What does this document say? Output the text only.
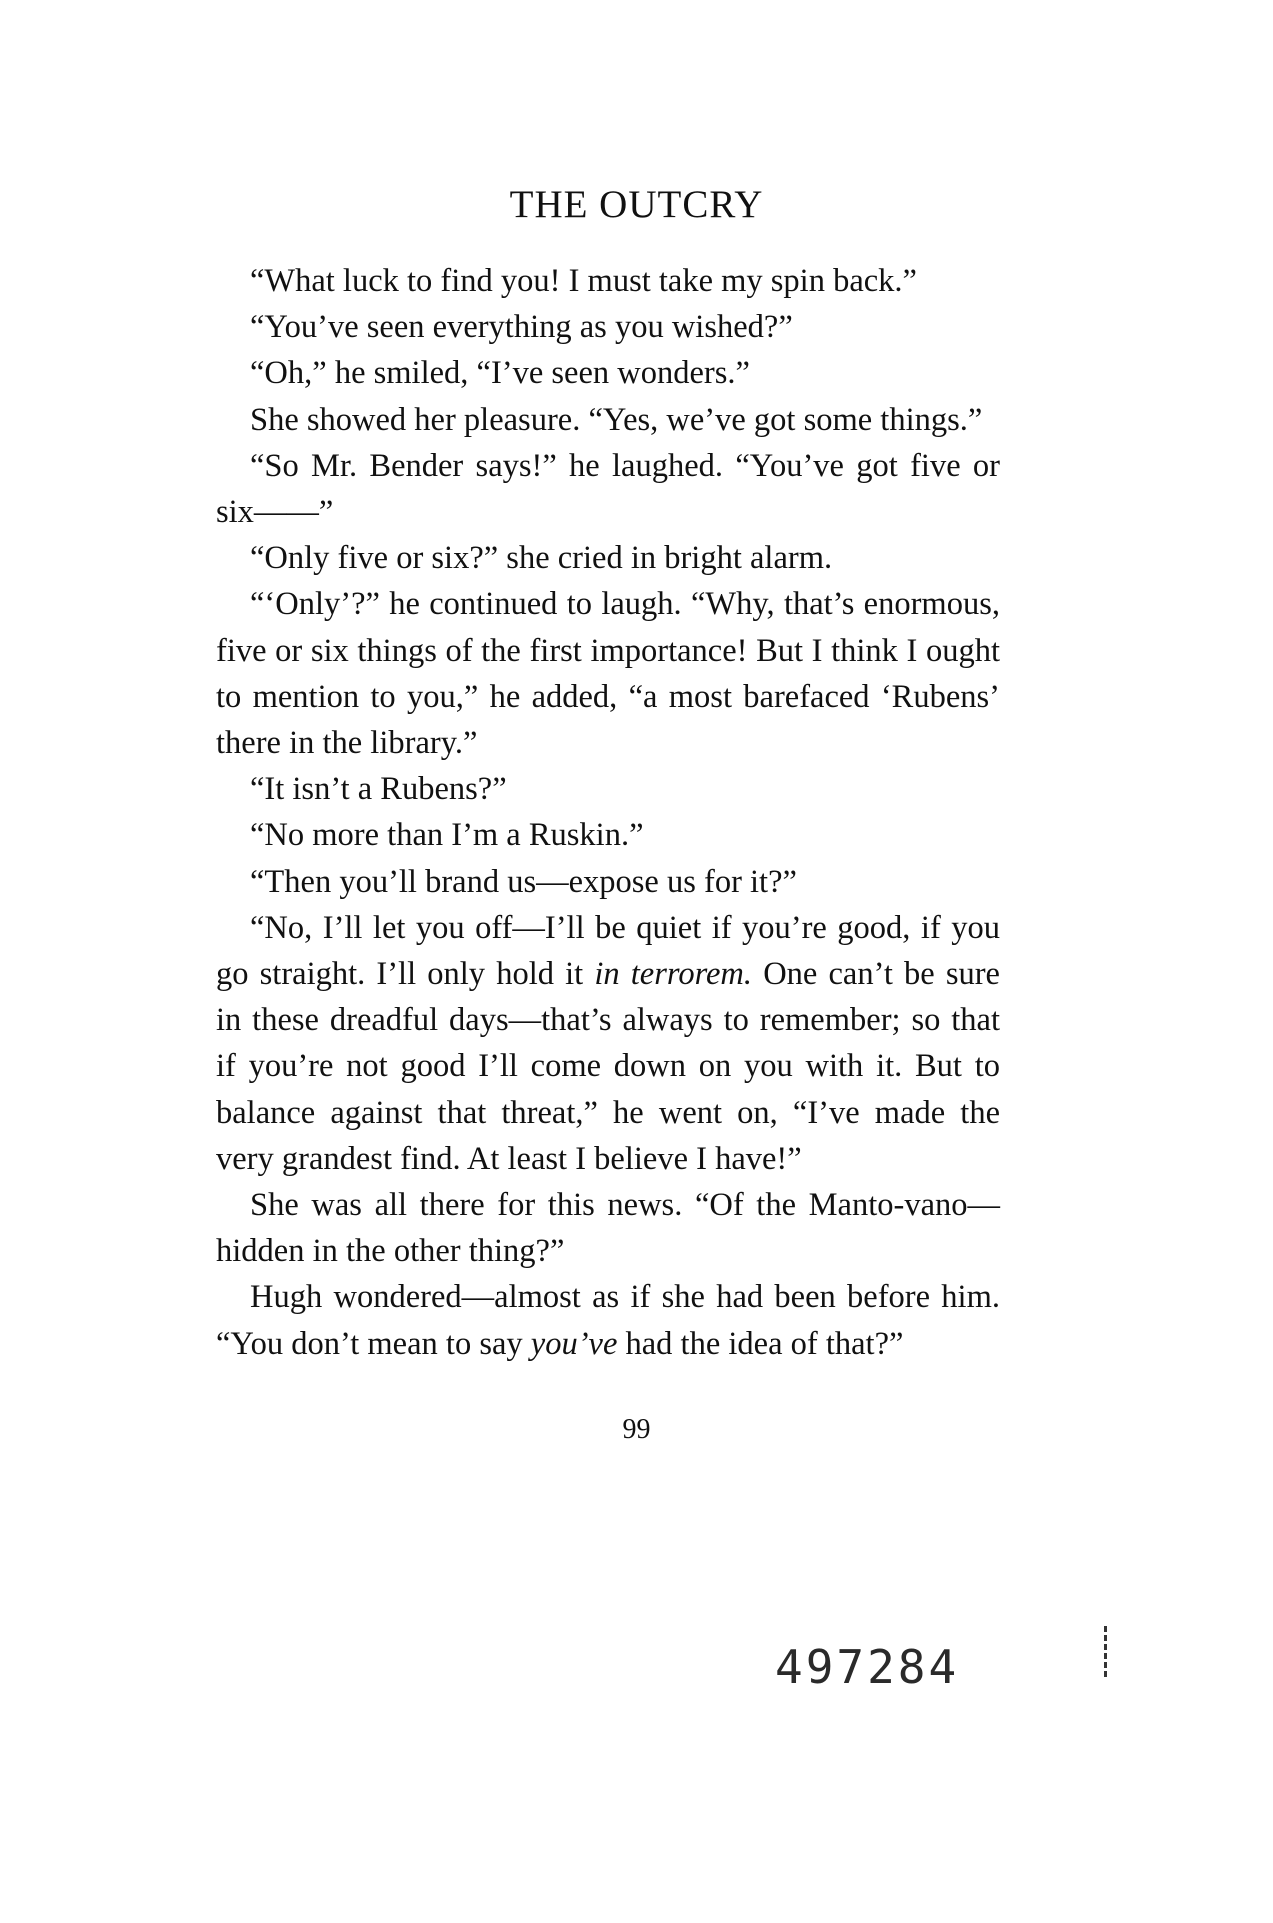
THE OUTCRY

“What luck to find you! I must take my spin back.”

“You’ve seen everything as you wished?”

“Oh,” he smiled, “I’ve seen wonders.”

She showed her pleasure. “Yes, we’ve got some things.”

“So Mr. Bender says!” he laughed. “You’ve got five or six——”

“Only five or six?” she cried in bright alarm.

“‘Only’?” he continued to laugh. “Why, that’s enormous, five or six things of the first importance! But I think I ought to mention to you,” he added, “a most barefaced ‘Rubens’ there in the library.”

“It isn’t a Rubens?”

“No more than I’m a Ruskin.”

“Then you’ll brand us—expose us for it?”

“No, I’ll let you off—I’ll be quiet if you’re good, if you go straight. I’ll only hold it in terrorem. One can’t be sure in these dreadful days—that’s always to remember; so that if you’re not good I’ll come down on you with it. But to balance against that threat,” he went on, “I’ve made the very grandest find. At least I believe I have!”

She was all there for this news. “Of the Manto-vano—hidden in the other thing?”

Hugh wondered—almost as if she had been before him. “You don’t mean to say you’ve had the idea of that?”

99
497284
